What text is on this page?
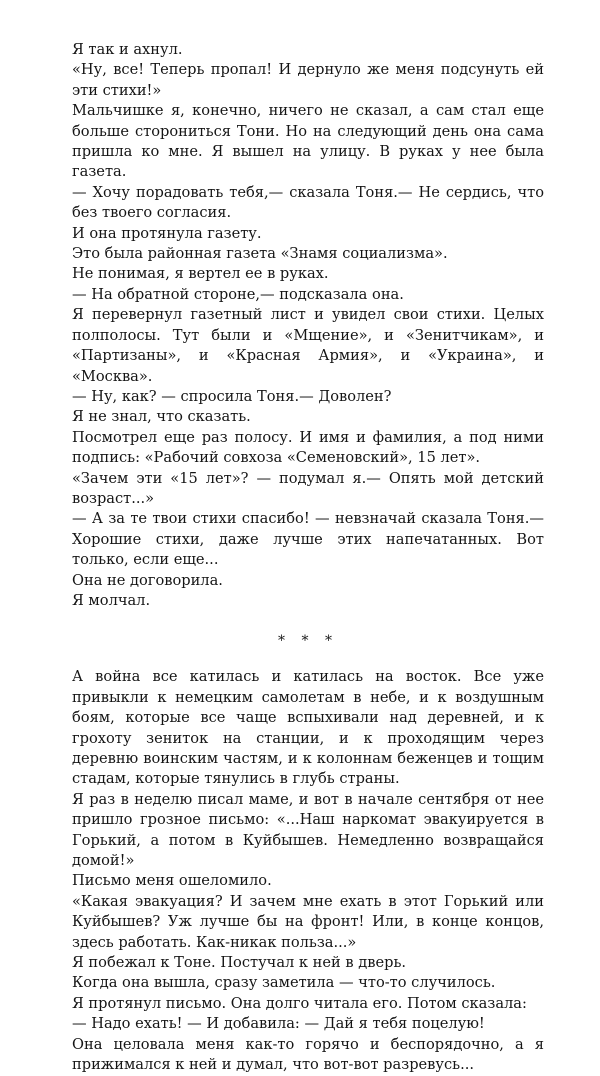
Я так и ахнул.

«Ну, все! Теперь пропал! И дернуло же меня подсунуть ей эти стихи!»

Мальчишке я, конечно, ничего не сказал, а сам стал еще больше сторониться Тони. Но на следующий день она сама пришла ко мне. Я вышел на улицу. В руках у нее была газета.

— Хочу порадовать тебя,— сказала Тоня.— Не сердись, что без твоего согласия.

И она протянула газету.

Это была районная газета «Знамя социализма».

Не понимая, я вертел ее в руках.

— На обратной стороне,— подсказала она.

Я перевернул газетный лист и увидел свои стихи. Целых полполосы. Тут были и «Мщение», и «Зенитчикам», и «Партизаны», и «Красная Армия», и «Украина», и «Москва».

— Ну, как? — спросила Тоня.— Доволен?

Я не знал, что сказать.

Посмотрел еще раз полосу. И имя и фамилия, а под ними подпись: «Рабочий совхоза «Семеновский», 15 лет».

«Зачем эти «15 лет»? — подумал я.— Опять мой детский возраст...»

— А за те твои стихи спасибо! — невзначай сказала Тоня.— Хорошие стихи, даже лучше этих напечатанных. Вот только, если еще...

Она не договорила.

Я молчал.

* * *

А война все катилась и катилась на восток. Все уже привыкли к немецким самолетам в небе, и к воздушным боям, которые все чаще вспыхивали над деревней, и к грохоту зениток на станции, и к проходящим через деревню воинским частям, и к колоннам беженцев и тощим стадам, которые тянулись в глубь страны.

Я раз в неделю писал маме, и вот в начале сентября от нее пришло грозное письмо: «...Наш наркомат эвакуируется в Горький, а потом в Куйбышев. Немедленно возвращайся домой!»

Письмо меня ошеломило.

«Какая эвакуация? И зачем мне ехать в этот Горький или Куйбышев? Уж лучше бы на фронт! Или, в конце концов, здесь работать. Как-никак польза...»

Я побежал к Тоне. Постучал к ней в дверь.

Когда она вышла, сразу заметила — что-то случилось.

Я протянул письмо. Она долго читала его. Потом сказала:

— Надо ехать! — И добавила: — Дай я тебя поцелую!

Она целовала меня как-то горячо и беспорядочно, а я прижимался к ней и думал, что вот-вот разревусь...
